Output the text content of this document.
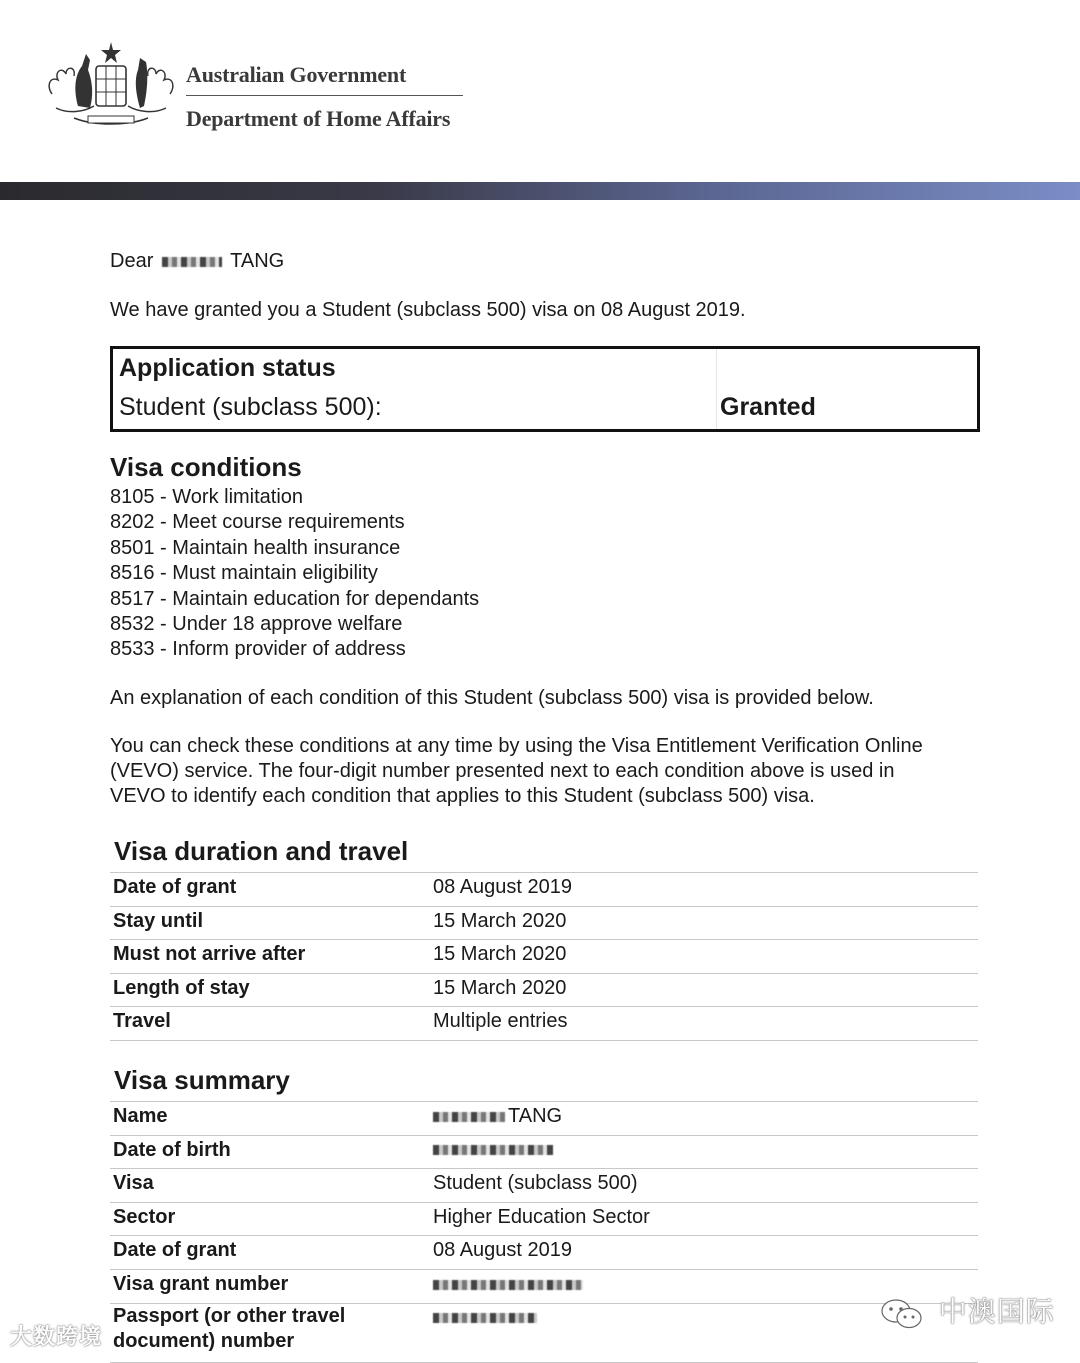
Australian Government
Department of Home Affairs
Dear	TANG
We have granted you a Student (subclass 500) visa on 08 August 2019.
Application status
Student (subclass 500):	Granted
Visa conditions
8105 - Work limitation
8202 - Meet course requirements
8501 - Maintain health insurance
8516 - Must maintain eligibility
8517 - Maintain education for dependants
8532 - Under 18 approve welfare
8533 - Inform provider of address
An explanation of each condition of this Student (subclass 500) visa is provided below.
You can check these conditions at any time by using the Visa Entitlement Verification Online
(VEVO) service. The four-digit number presented next to each condition above is used in
VEVO to identify each condition that applies to this Student (subclass 500) visa.
Visa duration and travel
Date of grant	08 August 2019
Stay until	15 March 2020
Must not arrive after	15 March 2020
Length of stay	15 March 2020
Travel	Multiple entries
Visa summary
Name	TANG
Date of birth
Visa	Student (subclass 500)
Sector	Higher Education Sector
Date of grant	08 August 2019
Visa grant number
Passport (or other travel
document) number
大数跨境
中澳国际
